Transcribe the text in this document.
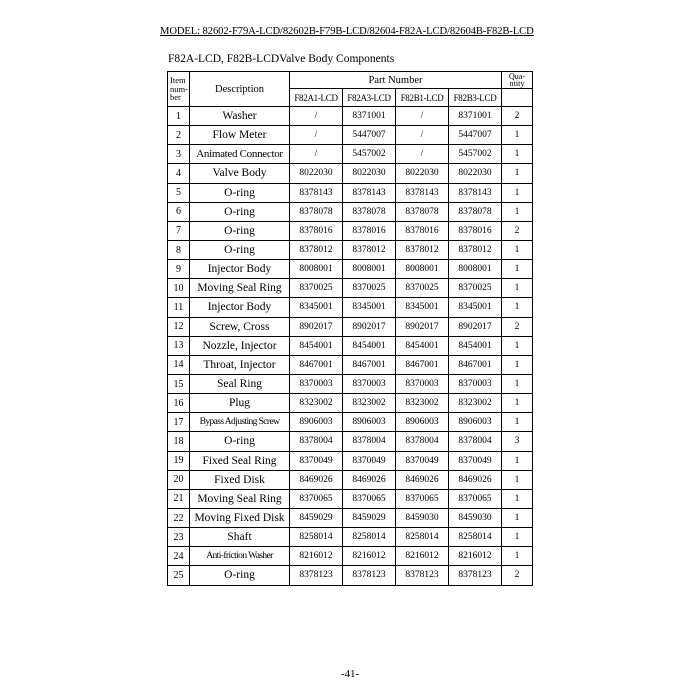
MODEL: 82602-F79A-LCD/82602B-F79B-LCD/82604-F82A-LCD/82604B-F82B-LCD
F82A-LCD, F82B-LCDValve Body Components
Item
num-
ber	Description	Part Number				Qua-
ntity
		F82A1-LCD	F82A3-LCD	F82B1-LCD	F82B3-LCD	
1	Washer	/	8371001	/	8371001	2
2	Flow Meter	/	5447007	/	5447007	1
3	Animated Connector	/	5457002	/	5457002	1
4	Valve Body	8022030	8022030	8022030	8022030	1
5	O-ring	8378143	8378143	8378143	8378143	1
6	O-ring	8378078	8378078	8378078	8378078	1
7	O-ring	8378016	8378016	8378016	8378016	2
8	O-ring	8378012	8378012	8378012	8378012	1
9	Injector Body	8008001	8008001	8008001	8008001	1
10	Moving Seal Ring	8370025	8370025	8370025	8370025	1
11	Injector Body	8345001	8345001	8345001	8345001	1
12	Screw, Cross	8902017	8902017	8902017	8902017	2
13	Nozzle, Injector	8454001	8454001	8454001	8454001	1
14	Throat, Injector	8467001	8467001	8467001	8467001	1
15	Seal Ring	8370003	8370003	8370003	8370003	1
16	Plug	8323002	8323002	8323002	8323002	1
17	Bypass Adjusting Screw	8906003	8906003	8906003	8906003	1
18	O-ring	8378004	8378004	8378004	8378004	3
19	Fixed Seal Ring	8370049	8370049	8370049	8370049	1
20	Fixed Disk	8469026	8469026	8469026	8469026	1
21	Moving Seal Ring	8370065	8370065	8370065	8370065	1
22	Moving Fixed Disk	8459029	8459029	8459030	8459030	1
23	Shaft	8258014	8258014	8258014	8258014	1
24	Anti-friction Washer	8216012	8216012	8216012	8216012	1
25	O-ring	8378123	8378123	8378123	8378123	2
-41-
